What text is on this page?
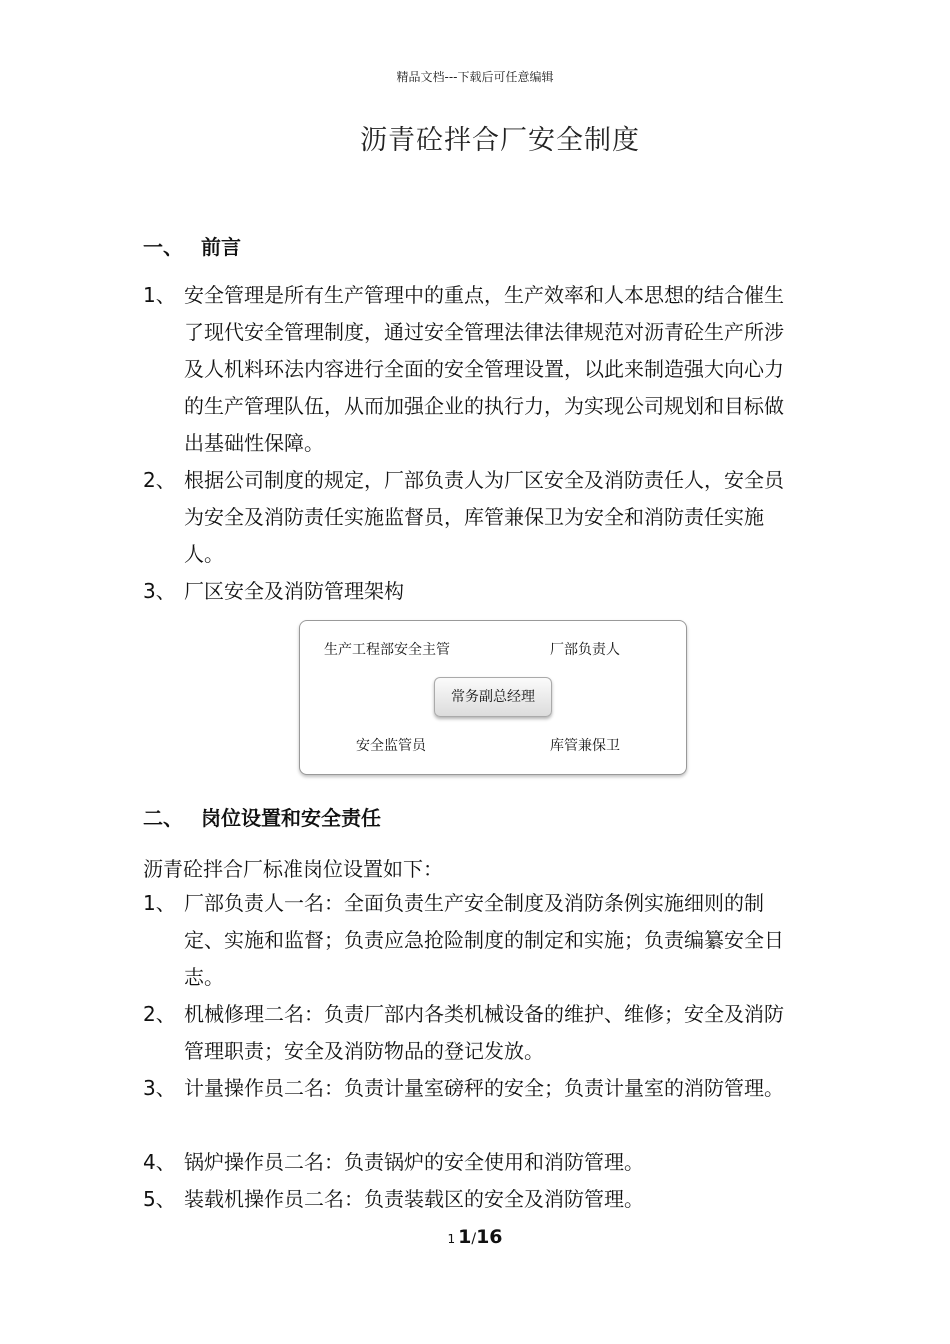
精品文档---下载后可任意编辑
沥青砼拌合厂安全制度
一、 前言
1、 安全管理是所有生产管理中的重点，生产效率和人本思想的结合催生了现代安全管理制度，通过安全管理法律法律规范对沥青砼生产所涉及人机料环法内容进行全面的安全管理设置，以此来制造强大向心力的生产管理队伍，从而加强企业的执行力，为实现公司规划和目标做出基础性保障。
2、 根据公司制度的规定，厂部负责人为厂区安全及消防责任人，安全员为安全及消防责任实施监督员，库管兼保卫为安全和消防责任实施人。
3、 厂区安全及消防管理架构
生产工程部安全主管	厂部负责人
常务副总经理
安全监管员	库管兼保卫
二、 岗位设置和安全责任
沥青砼拌合厂标准岗位设置如下：
1、 厂部负责人一名：全面负责生产安全制度及消防条例实施细则的制定、实施和监督；负责应急抢险制度的制定和实施；负责编纂安全日志。
2、 机械修理二名：负责厂部内各类机械设备的维护、维修；安全及消防管理职责；安全及消防物品的登记发放。
3、 计量操作员二名：负责计量室磅秤的安全；负责计量室的消防管理。
4、 锅炉操作员二名：负责锅炉的安全使用和消防管理。
5、 装载机操作员二名：负责装载区的安全及消防管理。
1 1/16
